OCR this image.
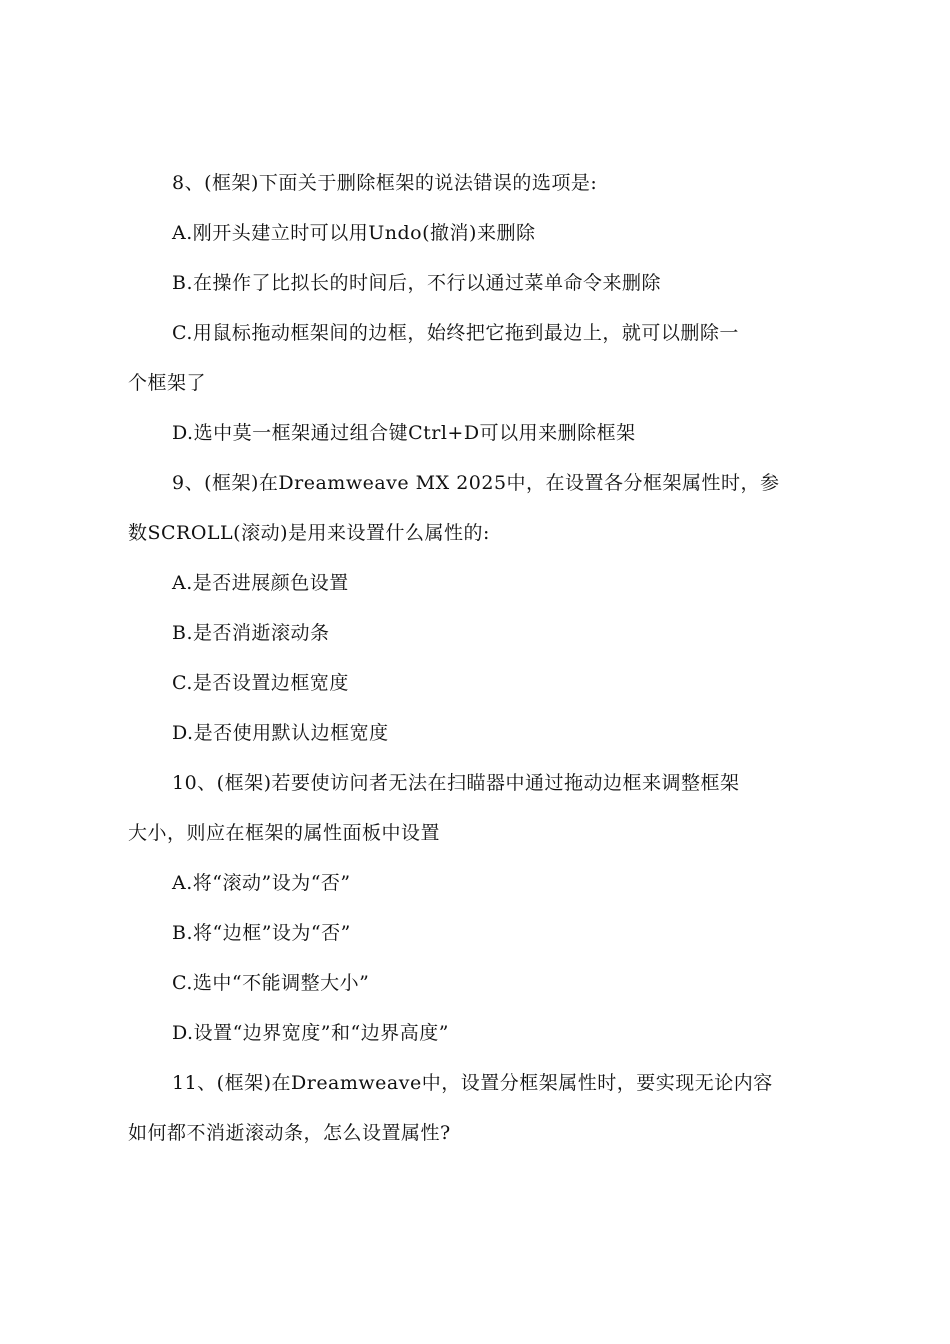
8、(框架)下面关于删除框架的说法错误的选项是:
A.刚开头建立时可以用Undo(撤消)来删除
B.在操作了比拟长的时间后，不行以通过菜单命令来删除
C.用鼠标拖动框架间的边框，始终把它拖到最边上，就可以删除一
个框架了
D.选中莫一框架通过组合键Ctrl+D可以用来删除框架
9、(框架)在Dreamweave MX 2025中，在设置各分框架属性时，参
数SCROLL(滚动)是用来设置什么属性的:
A.是否进展颜色设置
B.是否消逝滚动条
C.是否设置边框宽度
D.是否使用默认边框宽度
10、(框架)若要使访问者无法在扫瞄器中通过拖动边框来调整框架
大小，则应在框架的属性面板中设置
A.将“滚动”设为“否”
B.将“边框”设为“否”
C.选中“不能调整大小”
D.设置“边界宽度”和“边界高度”
11、(框架)在Dreamweave中，设置分框架属性时，要实现无论内容
如何都不消逝滚动条，怎么设置属性?
